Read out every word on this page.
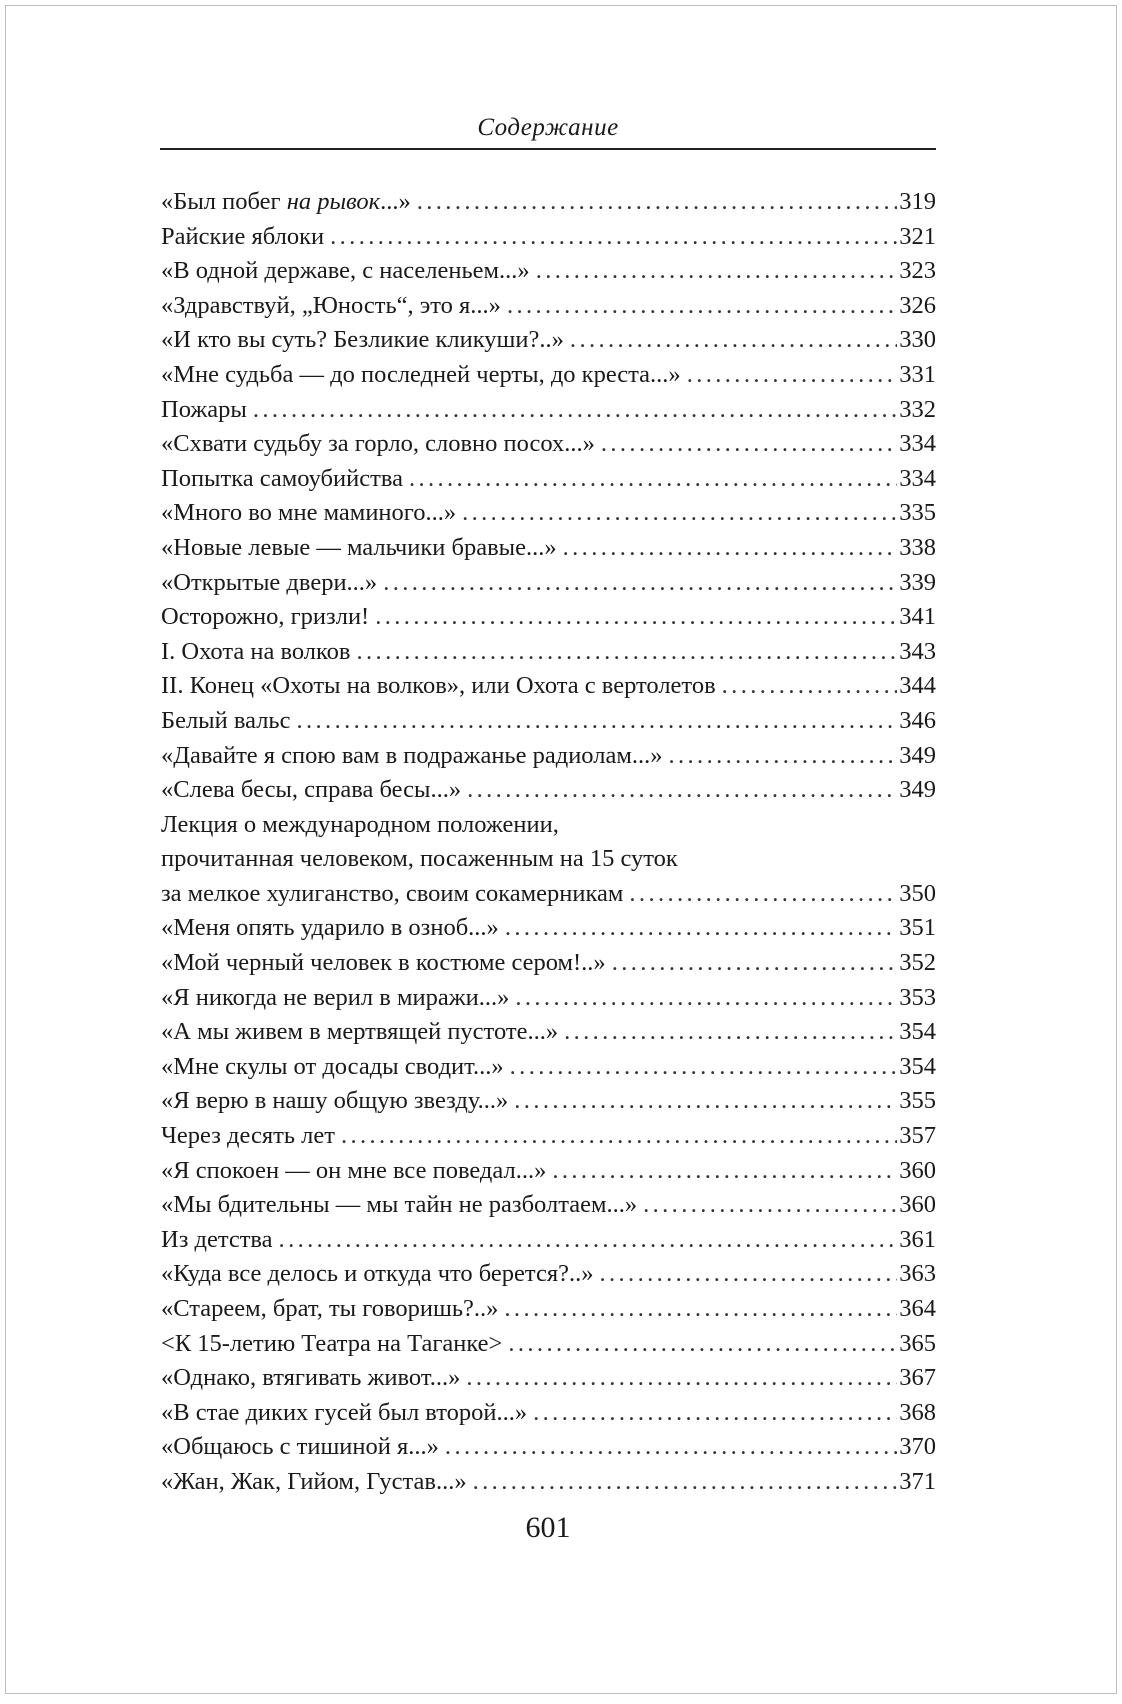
Содержание
«Был побег на рывок...» .....	319
Райские яблоки .....	321
«В одной державе, с населеньем...» .....	323
«Здравствуй, „Юность“, это я...» .....	326
«И кто вы суть? Безликие кликуши?..» .....	330
«Мне судьба — до последней черты, до креста...» .....	331
Пожары .....	332
«Схвати судьбу за горло, словно посох...» .....	334
Попытка самоубийства .....	334
«Много во мне маминого...» .....	335
«Новые левые — мальчики бравые...» .....	338
«Открытые двери...» .....	339
Осторожно, гризли! .....	341
I. Охота на волков .....	343
II. Конец «Охоты на волков», или Охота с вертолетов .....	344
Белый вальс .....	346
«Давайте я спою вам в подражанье радиолам...» .....	349
«Слева бесы, справа бесы...» .....	349
Лекция о международном положении,
прочитанная человеком, посаженным на 15 суток
за мелкое хулиганство, своим сокамерникам .....	350
«Меня опять ударило в озноб...» .....	351
«Мой черный человек в костюме сером!..» .....	352
«Я никогда не верил в миражи...» .....	353
«А мы живем в мертвящей пустоте...» .....	354
«Мне скулы от досады сводит...» .....	354
«Я верю в нашу общую звезду...» .....	355
Через десять лет .....	357
«Я спокоен — он мне все поведал...» .....	360
«Мы бдительны — мы тайн не разболтаем...» .....	360
Из детства .....	361
«Куда все делось и откуда что берется?..» .....	363
«Стареем, брат, ты говоришь?..» .....	364
<К 15-летию Театра на Таганке> .....	365
«Однако, втягивать живот...» .....	367
«В стае диких гусей был второй...» .....	368
«Общаюсь с тишиной я...» .....	370
«Жан, Жак, Гийом, Густав...» .....	371
601
